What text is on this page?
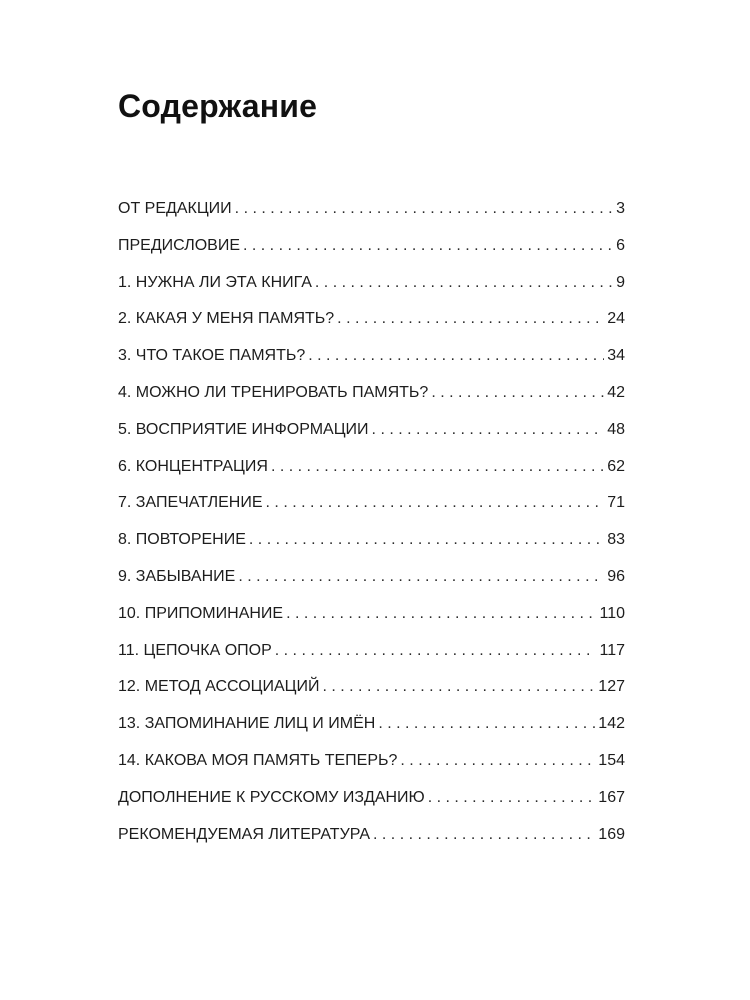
Содержание
ОТ РЕДАКЦИИ . . .	3
ПРЕДИСЛОВИЕ . . .	6
1. НУЖНА ЛИ ЭТА КНИГА . . .	9
2. КАКАЯ У МЕНЯ ПАМЯТЬ? . . .	24
3. ЧТО ТАКОЕ ПАМЯТЬ? . . .	34
4. МОЖНО ЛИ ТРЕНИРОВАТЬ ПАМЯТЬ? . . .	42
5. ВОСПРИЯТИЕ ИНФОРМАЦИИ . . .	48
6. КОНЦЕНТРАЦИЯ . . .	62
7. ЗАПЕЧАТЛЕНИЕ . . .	71
8. ПОВТОРЕНИЕ . . .	83
9. ЗАБЫВАНИЕ . . .	96
10. ПРИПОМИНАНИЕ . . .	110
11. ЦЕПОЧКА ОПОР . . .	117
12. МЕТОД АССОЦИАЦИЙ . . .	127
13. ЗАПОМИНАНИЕ ЛИЦ И ИМЁН . . .	142
14. КАКОВА МОЯ ПАМЯТЬ ТЕПЕРЬ? . . .	154
ДОПОЛНЕНИЕ К РУССКОМУ ИЗДАНИЮ . . .	167
РЕКОМЕНДУЕМАЯ ЛИТЕРАТУРА . . .	169
